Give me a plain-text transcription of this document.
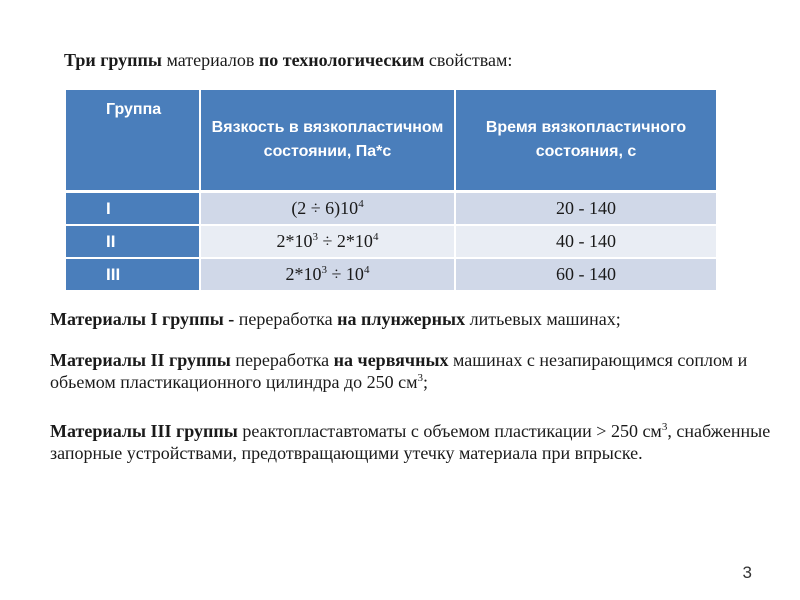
Три группы материалов по технологическим свойствам:
Группа	Вязкость в вязкопластичном состоянии, Па*с	Время вязкопластичного состояния, с
I	$(2 \div 6)10^4$	20 - 140
II	$2*10^3 \div 2*10^4$	40 - 140
III	$2*10^3 \div 10^4$	60 - 140
Материалы I группы - переработка на плунжерных литьевых машинах;
Материалы II группы переработка на червячных машинах с незапирающимся соплом и обьемом пластикационного цилиндра до 250 $см^3$;
Материалы III группы реактопластавтоматы с объемом пластикации > 250 $см^3$, снабженные запорные устройствами, предотвращающими утечку материала при впрыске.
3
